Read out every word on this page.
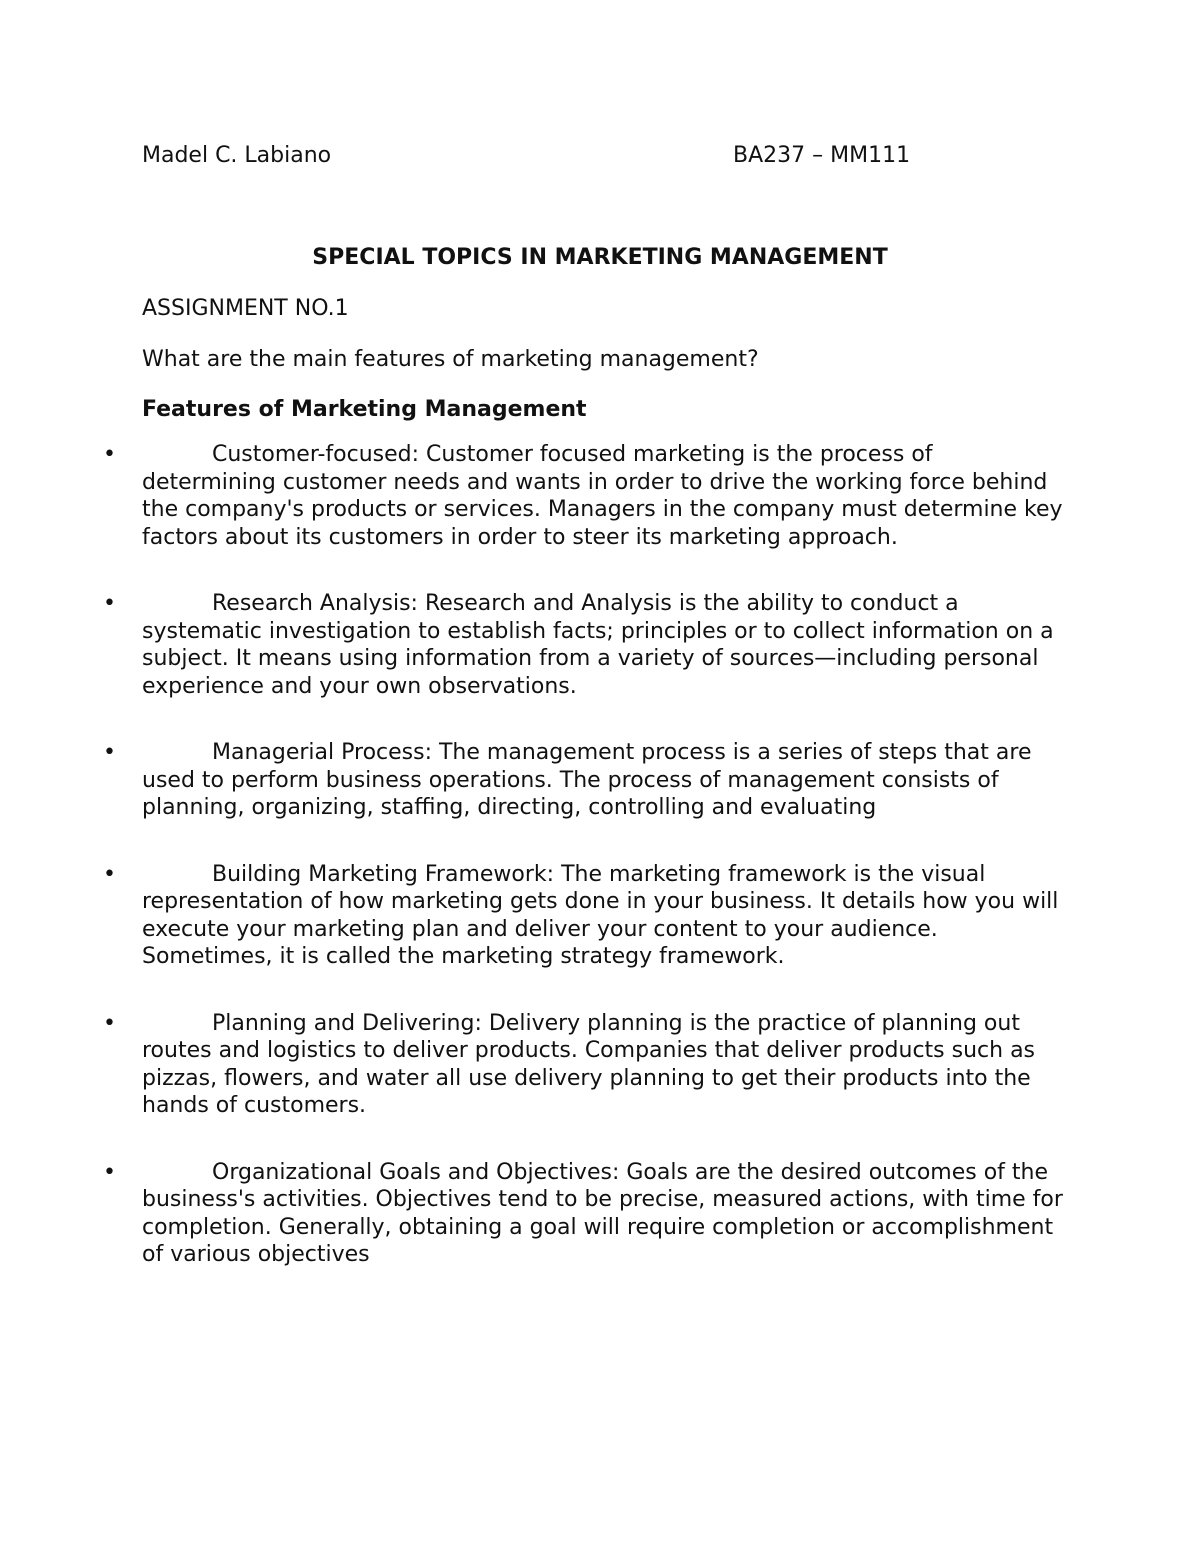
Madel C. Labiano	BA237 – MM111
SPECIAL TOPICS IN MARKETING MANAGEMENT
ASSIGNMENT NO.1
What are the main features of marketing management?
Features of Marketing Management
•	Customer-focused: Customer focused marketing is the process of determining customer needs and wants in order to drive the working force behind the company's products or services. Managers in the company must determine key factors about its customers in order to steer its marketing approach.
•	Research Analysis: Research and Analysis is the ability to conduct a systematic investigation to establish facts; principles or to collect information on a subject. It means using information from a variety of sources—including personal experience and your own observations.
•	Managerial Process: The management process is a series of steps that are used to perform business operations. The process of management consists of planning, organizing, staffing, directing, controlling and evaluating
•	Building Marketing Framework: The marketing framework is the visual representation of how marketing gets done in your business. It details how you will execute your marketing plan and deliver your content to your audience. Sometimes, it is called the marketing strategy framework.
•	Planning and Delivering: Delivery planning is the practice of planning out routes and logistics to deliver products. Companies that deliver products such as pizzas, flowers, and water all use delivery planning to get their products into the hands of customers.
•	Organizational Goals and Objectives: Goals are the desired outcomes of the business's activities. Objectives tend to be precise, measured actions, with time for completion. Generally, obtaining a goal will require completion or accomplishment of various objectives
